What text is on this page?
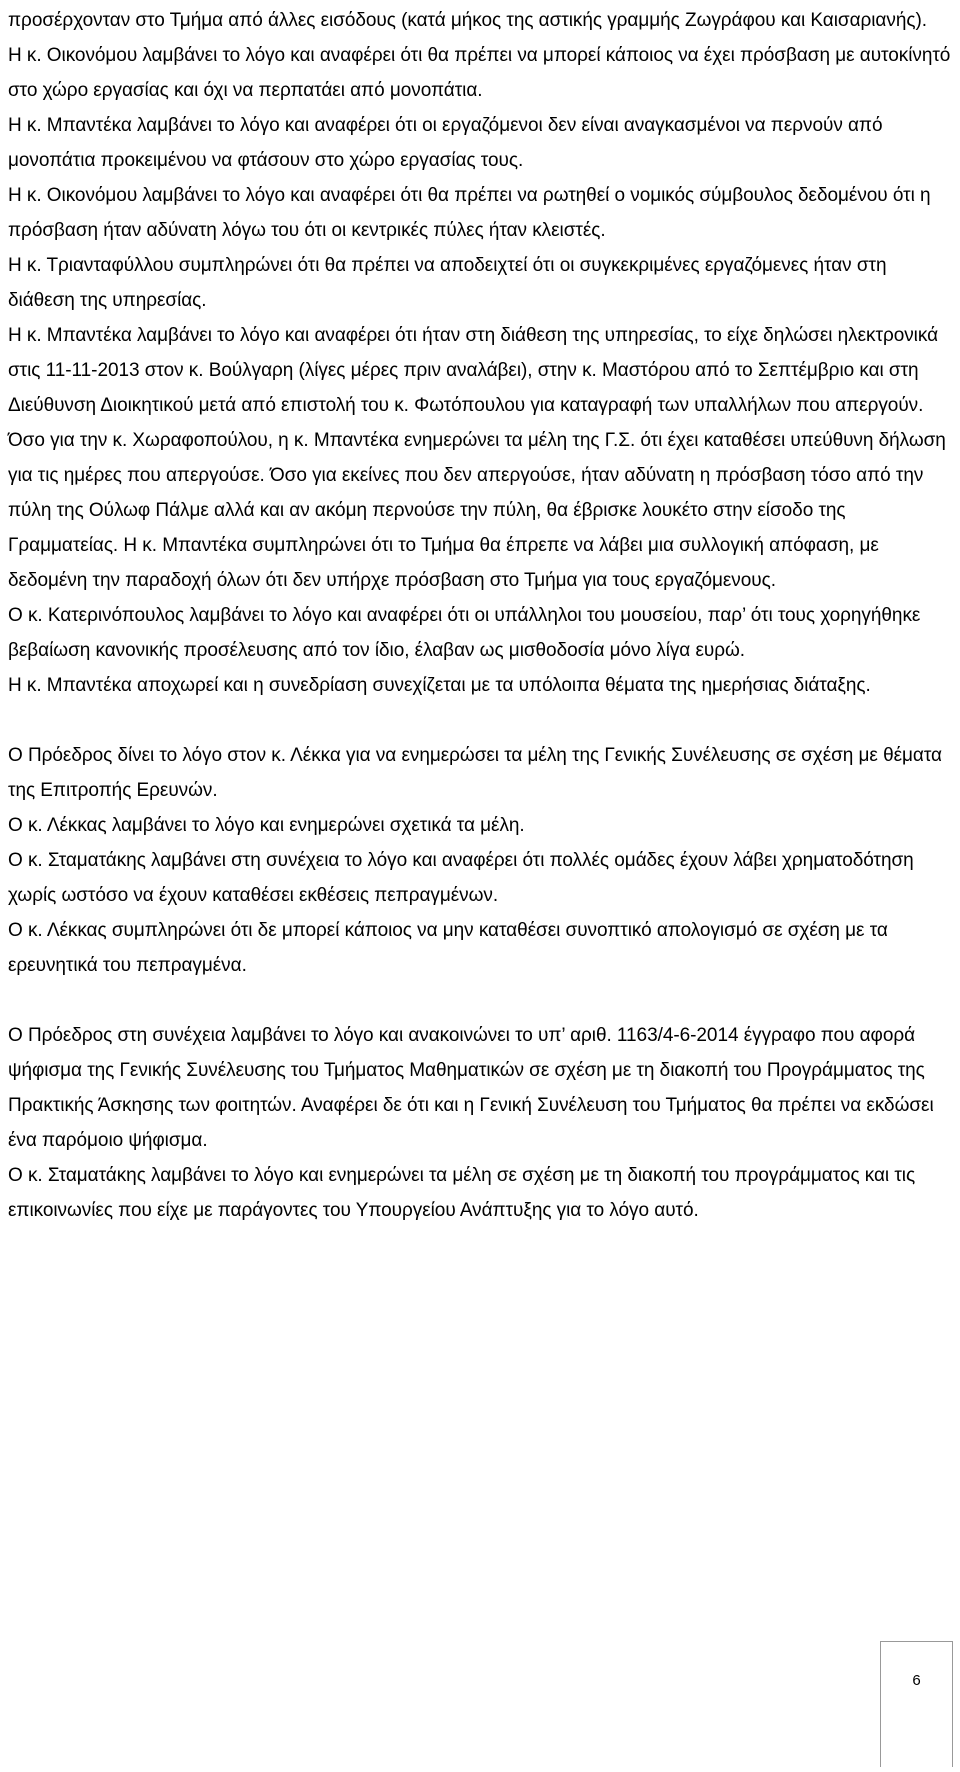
προσέρχονταν στο Τμήμα από άλλες εισόδους (κατά μήκος της αστικής γραμμής Ζωγράφου και Καισαριανής).

Η κ. Οικονόμου λαμβάνει το λόγο και αναφέρει ότι θα πρέπει να μπορεί κάποιος να έχει πρόσβαση με αυτοκίνητό στο χώρο εργασίας και όχι να περπατάει από μονοπάτια.

Η κ. Μπαντέκα λαμβάνει το λόγο και αναφέρει ότι οι εργαζόμενοι δεν είναι αναγκασμένοι να περνούν από μονοπάτια προκειμένου να φτάσουν στο χώρο εργασίας τους.

Η κ. Οικονόμου λαμβάνει το λόγο και αναφέρει ότι θα πρέπει να ρωτηθεί ο νομικός σύμβουλος δεδομένου ότι η πρόσβαση ήταν αδύνατη λόγω του ότι οι κεντρικές πύλες ήταν κλειστές.

Η κ. Τριανταφύλλου συμπληρώνει ότι θα πρέπει να αποδειχτεί ότι οι συγκεκριμένες εργαζόμενες ήταν στη διάθεση της υπηρεσίας.

Η κ. Μπαντέκα λαμβάνει το λόγο και αναφέρει ότι ήταν στη διάθεση της υπηρεσίας, το είχε δηλώσει ηλεκτρονικά στις 11-11-2013 στον κ. Βούλγαρη (λίγες μέρες πριν αναλάβει), στην κ. Μαστόρου από το Σεπτέμβριο και στη Διεύθυνση Διοικητικού μετά από επιστολή του κ. Φωτόπουλου για καταγραφή των υπαλλήλων που απεργούν. Όσο για την κ. Χωραφοπούλου, η κ. Μπαντέκα ενημερώνει τα μέλη της Γ.Σ. ότι έχει καταθέσει υπεύθυνη δήλωση για τις ημέρες που απεργούσε. Όσο για εκείνες που δεν απεργούσε, ήταν αδύνατη η πρόσβαση τόσο από την πύλη της Ούλωφ Πάλμε αλλά και αν ακόμη περνούσε την πύλη, θα έβρισκε λουκέτο στην είσοδο της Γραμματείας. Η κ. Μπαντέκα συμπληρώνει ότι το Τμήμα θα έπρεπε να λάβει μια συλλογική απόφαση, με δεδομένη την παραδοχή όλων ότι δεν υπήρχε πρόσβαση στο Τμήμα για τους εργαζόμενους.

Ο κ. Κατερινόπουλος λαμβάνει το λόγο και αναφέρει ότι οι υπάλληλοι του μουσείου, παρ’ ότι τους χορηγήθηκε βεβαίωση κανονικής προσέλευσης από τον ίδιο, έλαβαν ως μισθοδοσία μόνο λίγα ευρώ.

Η κ. Μπαντέκα αποχωρεί και η συνεδρίαση συνεχίζεται με τα υπόλοιπα θέματα της ημερήσιας διάταξης.

Ο Πρόεδρος δίνει το λόγο στον κ. Λέκκα για να ενημερώσει τα μέλη της Γενικής Συνέλευσης σε σχέση με θέματα της Επιτροπής Ερευνών.

Ο κ. Λέκκας λαμβάνει το λόγο και ενημερώνει σχετικά τα μέλη.

Ο κ. Σταματάκης λαμβάνει στη συνέχεια το λόγο και αναφέρει ότι πολλές ομάδες έχουν λάβει χρηματοδότηση χωρίς ωστόσο να έχουν καταθέσει εκθέσεις πεπραγμένων.

Ο κ. Λέκκας συμπληρώνει ότι δε μπορεί κάποιος να μην καταθέσει συνοπτικό απολογισμό σε σχέση με τα ερευνητικά του πεπραγμένα.

Ο Πρόεδρος στη συνέχεια λαμβάνει το λόγο και ανακοινώνει το υπ’ αριθ. 1163/4-6-2014 έγγραφο που αφορά ψήφισμα της Γενικής Συνέλευσης του Τμήματος Μαθηματικών σε σχέση με τη διακοπή του Προγράμματος της Πρακτικής Άσκησης των φοιτητών. Αναφέρει δε ότι και η Γενική Συνέλευση του Τμήματος θα πρέπει να εκδώσει ένα παρόμοιο ψήφισμα.

Ο κ. Σταματάκης λαμβάνει το λόγο και ενημερώνει τα μέλη σε σχέση με τη διακοπή του προγράμματος και τις επικοινωνίες που είχε με παράγοντες του Υπουργείου Ανάπτυξης για το λόγο αυτό.

6
